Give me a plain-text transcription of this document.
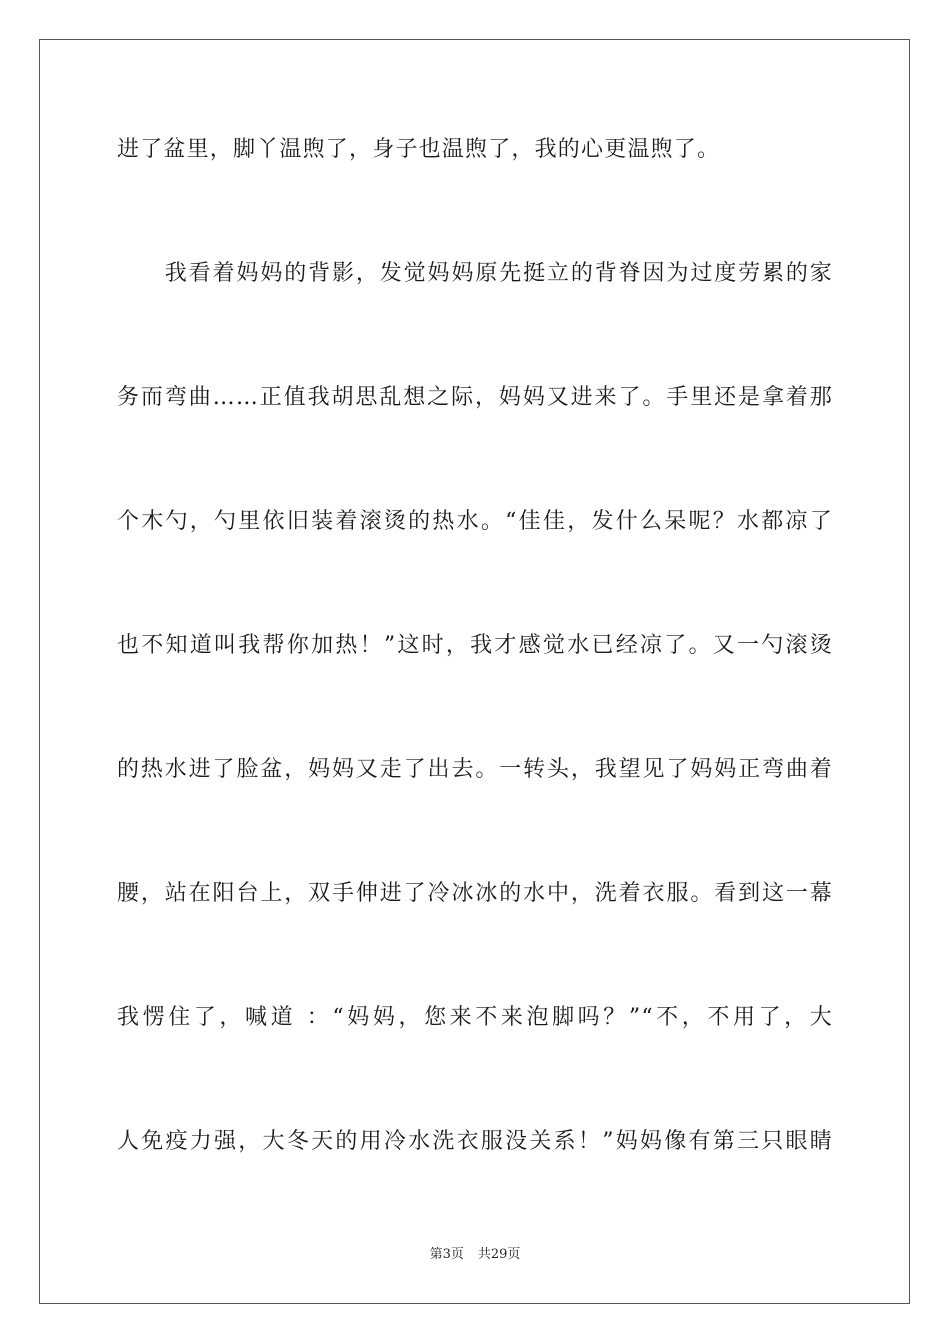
进了盆里，脚丫温煦了，身子也温煦了，我的心更温煦了。
　　我看着妈妈的背影，发觉妈妈原先挺立的背脊因为过度劳累的家
务而弯曲……正值我胡思乱想之际，妈妈又进来了。手里还是拿着那
个木勺，勺里依旧装着滚烫的热水。“佳佳，发什么呆呢？水都凉了
也不知道叫我帮你加热！”这时，我才感觉水已经凉了。又一勺滚烫
的热水进了脸盆，妈妈又走了出去。一转头，我望见了妈妈正弯曲着
腰，站在阳台上，双手伸进了冷冰冰的水中，洗着衣服。看到这一幕
我愣住了，喊道 ：“妈妈，您来不来泡脚吗？”“不，不用了，大
人免疫力强，大冬天的用冷水洗衣服没关系！”妈妈像有第三只眼睛
第3页 共29页
